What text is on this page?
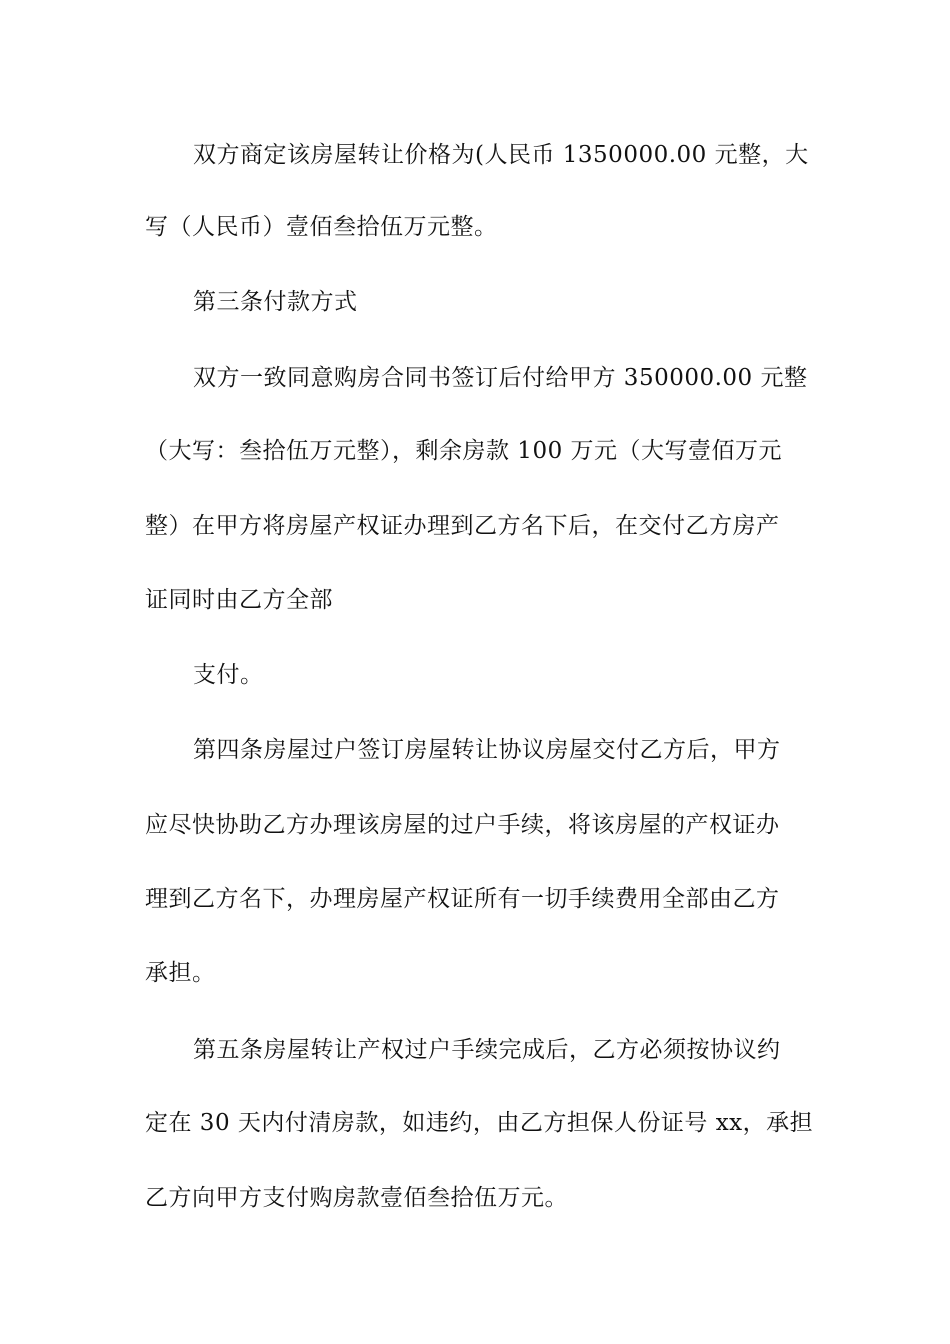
双方商定该房屋转让价格为(人民币 1350000.00 元整，大

写（人民币）壹佰叁拾伍万元整。

第三条付款方式

双方一致同意购房合同书签订后付给甲方 350000.00 元整

（大写：叁拾伍万元整），剩余房款 100 万元（大写壹佰万元

整）在甲方将房屋产权证办理到乙方名下后，在交付乙方房产

证同时由乙方全部

支付。

第四条房屋过户签订房屋转让协议房屋交付乙方后，甲方

应尽快协助乙方办理该房屋的过户手续，将该房屋的产权证办

理到乙方名下，办理房屋产权证所有一切手续费用全部由乙方

承担。

第五条房屋转让产权过户手续完成后，乙方必须按协议约

定在 30 天内付清房款，如违约，由乙方担保人份证号 xx，承担

乙方向甲方支付购房款壹佰叁拾伍万元。
